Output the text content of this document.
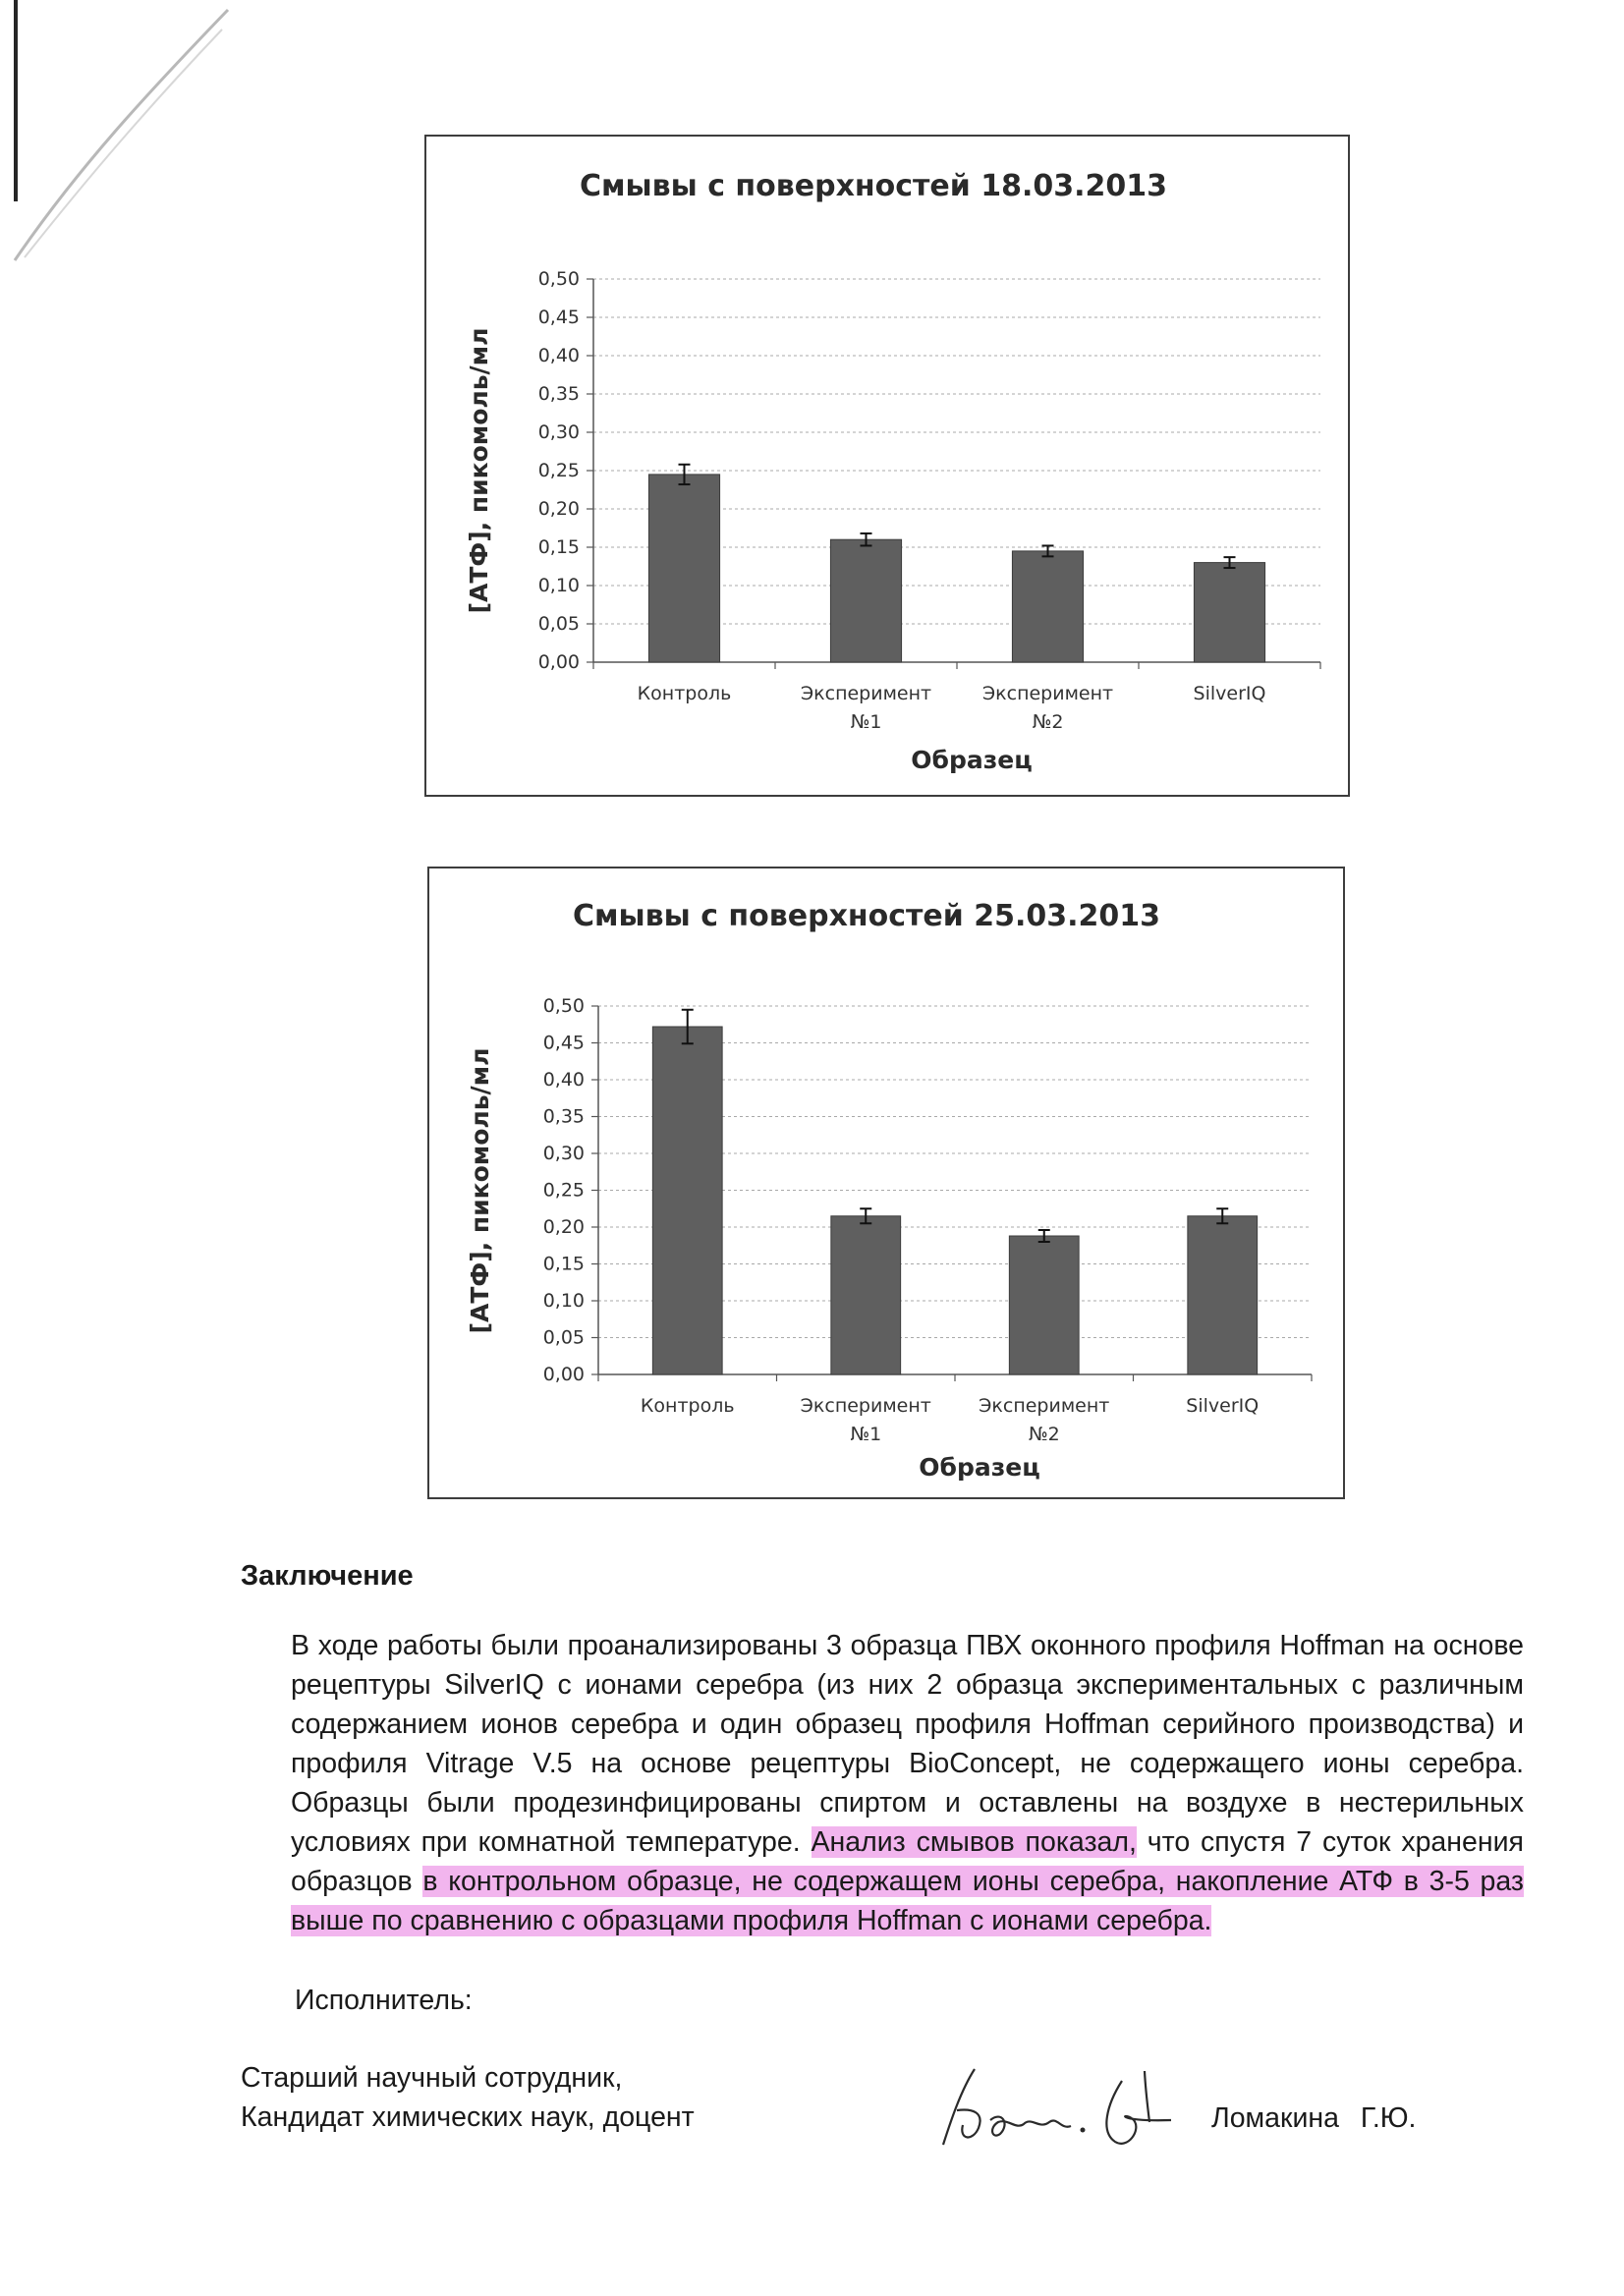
Смывы с поверхностей 18.03.2013
0,00
0,05
0,10
0,15
0,20
0,25
0,30
0,35
0,40
0,45
0,50
Контроль	Эксперимент
№1
Эксперимент
№2
SilverIQ
Образец
[АТФ], пикомоль/мл
Смывы с поверхностей 25.03.2013
0,00
0,05
0,10
0,15
0,20
0,25
0,30
0,35
0,40
0,45
0,50
Контроль	Эксперимент
№1
Эксперимент
№2
SilverIQ
Образец
[АТФ], пикомоль/мл
Заключение

В ходе работы были проанализированы 3 образца ПВХ оконного профиля Hoffman на основе рецептуры SilverIQ с ионами серебра (из них 2 образца экспериментальных с различным содержанием ионов серебра и один образец профиля Hoffman серийного производства) и профиля Vitrage V.5 на основе рецептуры BioConcept, не содержащего ионы серебра. Образцы были продезинфицированы спиртом и оставлены на воздухе в нестерильных условиях при комнатной температуре. Анализ смывов показал, что спустя 7 суток хранения образцов в контрольном образце, не содержащем ионы серебра, накопление АТФ в 3-5 раз выше по сравнению с образцами профиля Hoffman с ионами серебра.

Исполнитель:

Старший научный сотрудник,
Кандидат химических наук, доцент	Ломакина Г.Ю.
